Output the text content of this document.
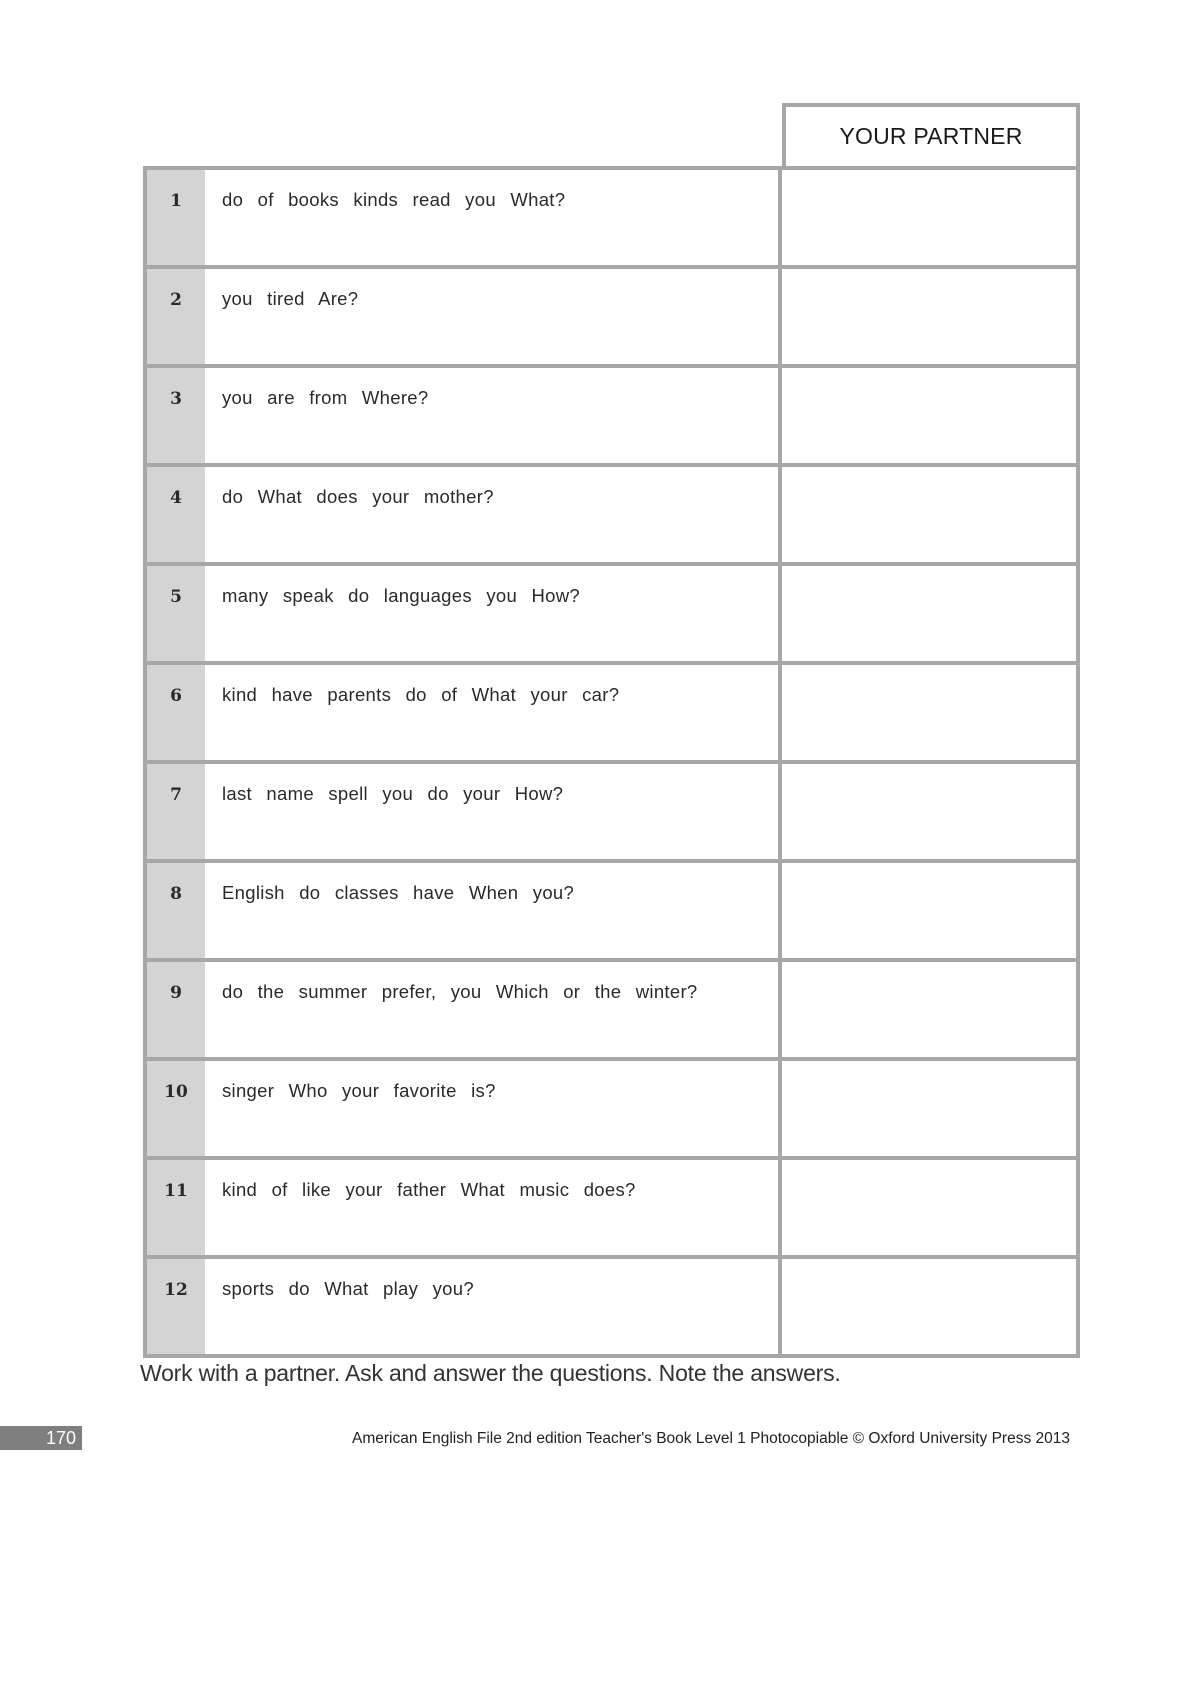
YOUR PARTNER
1	do of books kinds read you What?
2	you tired Are?
3	you are from Where?
4	do What does your mother?
5	many speak do languages you How?
6	kind have parents do of What your car?
7	last name spell you do your How?
8	English do classes have When you?
9	do the summer prefer, you Which or the winter?
10	singer Who your favorite is?
11	kind of like your father What music does?
12	sports do What play you?
Work with a partner. Ask and answer the questions. Note the answers.
170	American English File 2nd edition Teacher's Book Level 1 Photocopiable © Oxford University Press 2013
